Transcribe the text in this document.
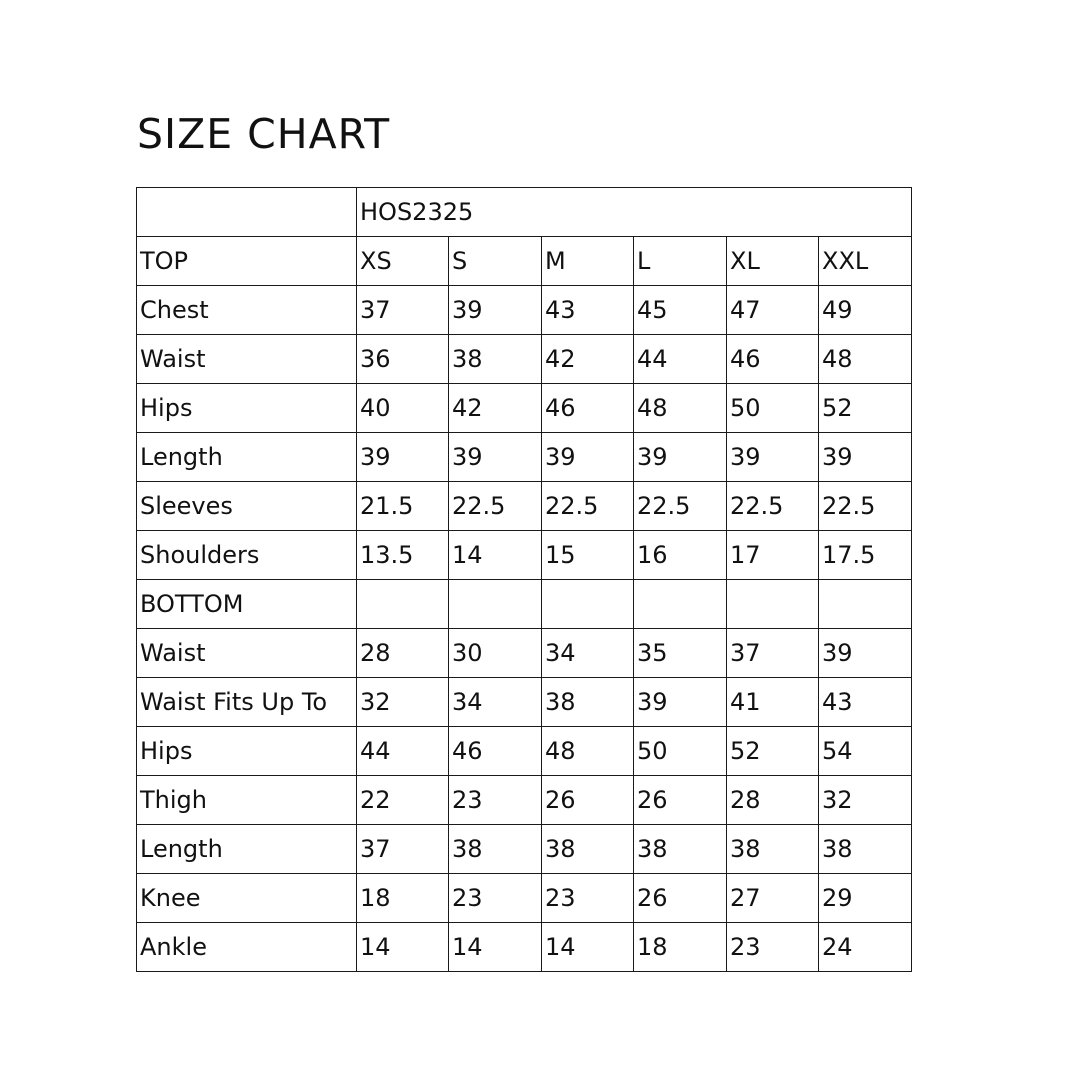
SIZE CHART
	HOS2325					
TOP	XS	S	M	L	XL	XXL
Chest	37	39	43	45	47	49
Waist	36	38	42	44	46	48
Hips	40	42	46	48	50	52
Length	39	39	39	39	39	39
Sleeves	21.5	22.5	22.5	22.5	22.5	22.5
Shoulders	13.5	14	15	16	17	17.5
BOTTOM						
Waist	28	30	34	35	37	39
Waist Fits Up To	32	34	38	39	41	43
Hips	44	46	48	50	52	54
Thigh	22	23	26	26	28	32
Length	37	38	38	38	38	38
Knee	18	23	23	26	27	29
Ankle	14	14	14	18	23	24
